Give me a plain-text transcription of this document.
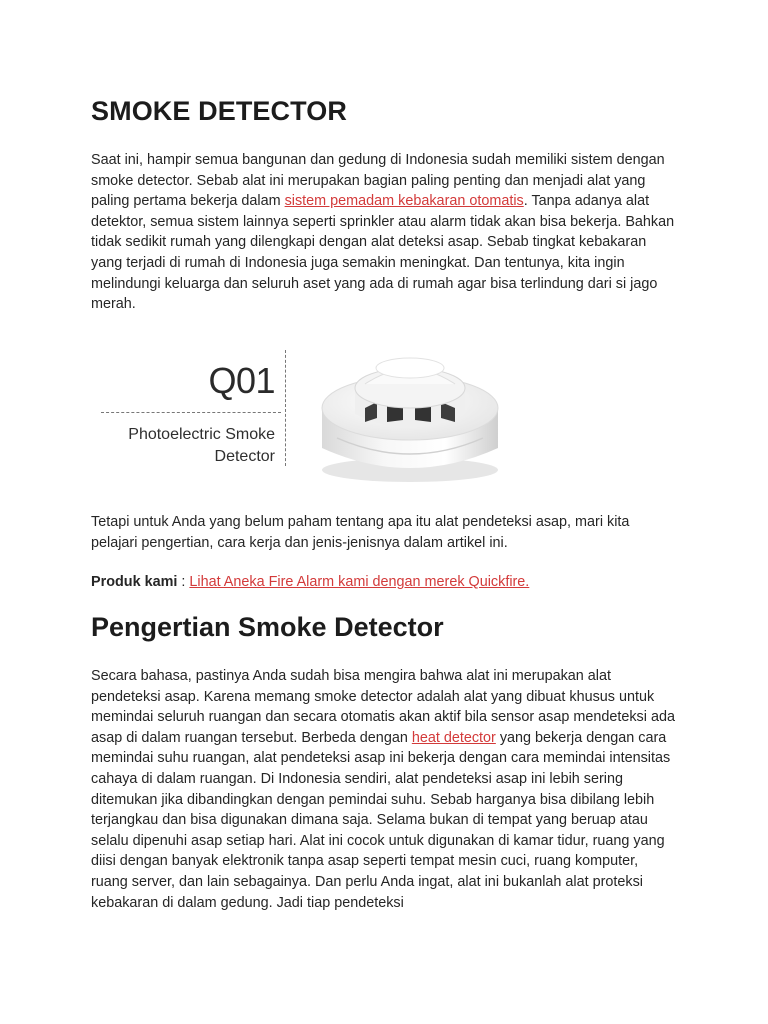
SMOKE DETECTOR

Saat ini, hampir semua bangunan dan gedung di Indonesia sudah memiliki sistem dengan smoke detector. Sebab alat ini merupakan bagian paling penting dan menjadi alat yang paling pertama bekerja dalam sistem pemadam kebakaran otomatis. Tanpa adanya alat detektor, semua sistem lainnya seperti sprinkler atau alarm tidak akan bisa bekerja. Bahkan tidak sedikit rumah yang dilengkapi dengan alat deteksi asap. Sebab tingkat kebakaran yang terjadi di rumah di Indonesia juga semakin meningkat. Dan tentunya, kita ingin melindungi keluarga dan seluruh aset yang ada di rumah agar bisa terlindung dari si jago merah.

Q01
Photoelectric Smoke
Detector

Tetapi untuk Anda yang belum paham tentang apa itu alat pendeteksi asap, mari kita pelajari pengertian, cara kerja dan jenis-jenisnya dalam artikel ini.

Produk kami : Lihat Aneka Fire Alarm kami dengan merek Quickfire.

Pengertian Smoke Detector

Secara bahasa, pastinya Anda sudah bisa mengira bahwa alat ini merupakan alat pendeteksi asap. Karena memang smoke detector adalah alat yang dibuat khusus untuk memindai seluruh ruangan dan secara otomatis akan aktif bila sensor asap mendeteksi ada asap di dalam ruangan tersebut. Berbeda dengan heat detector yang bekerja dengan cara memindai suhu ruangan, alat pendeteksi asap ini bekerja dengan cara memindai intensitas cahaya di dalam ruangan. Di Indonesia sendiri, alat pendeteksi asap ini lebih sering ditemukan jika dibandingkan dengan pemindai suhu. Sebab harganya bisa dibilang lebih terjangkau dan bisa digunakan dimana saja. Selama bukan di tempat yang beruap atau selalu dipenuhi asap setiap hari. Alat ini cocok untuk digunakan di kamar tidur, ruang yang diisi dengan banyak elektronik tanpa asap seperti tempat mesin cuci, ruang komputer, ruang server, dan lain sebagainya. Dan perlu Anda ingat, alat ini bukanlah alat proteksi kebakaran di dalam gedung. Jadi tiap pendeteksi
